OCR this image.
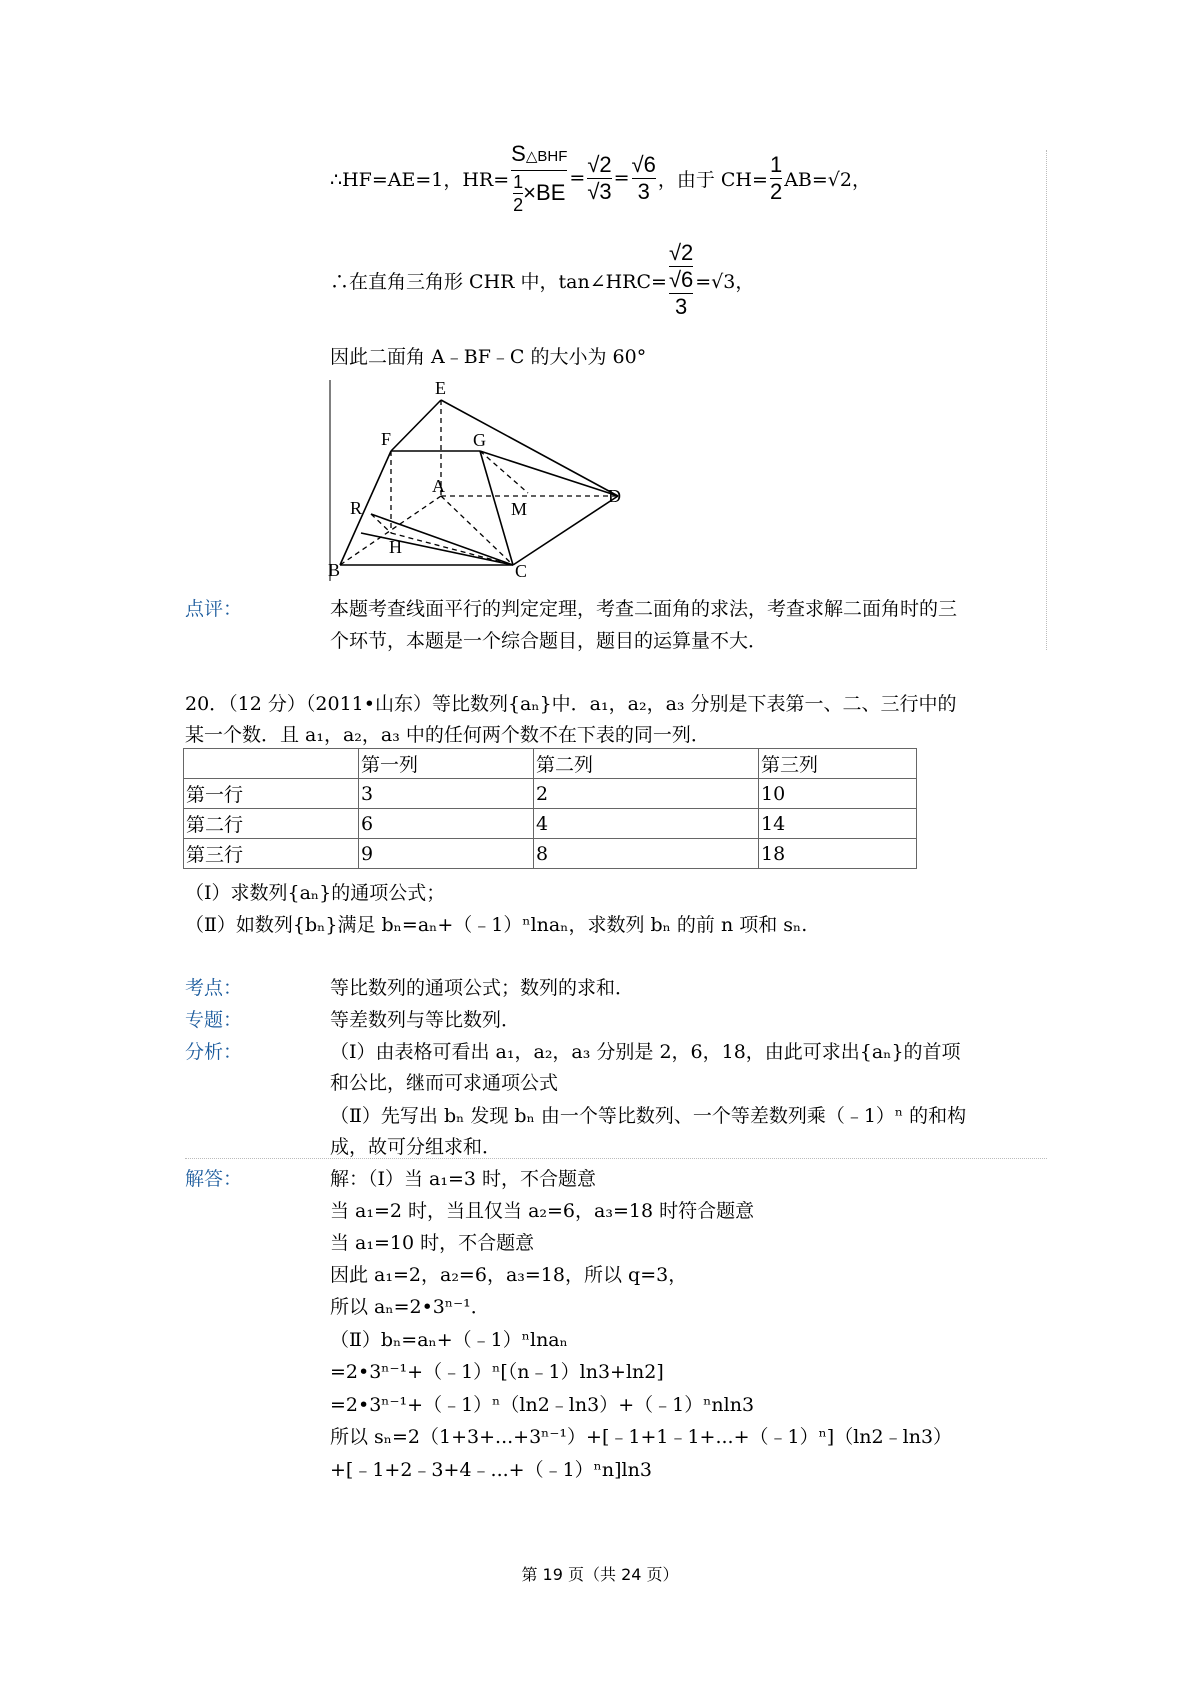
∴HF=AE=1，$HR= \frac{\text{S△BHF}}{\frac{1}{2} \times BE} = \frac{√2}{√3} = \frac{√6}{3}$ ，由于 $CH= \frac{1}{2} AB=√2$，
∴在直角三角形 CHR 中，tan∠HRC= $\frac{√2}{\frac{√6}{3}} =√3$，
因此二面角 A﹣BF﹣C 的大小为 60°
E
F	G
A	D
R	M
H
B	C
点评：	本题考查线面平行的判定定理，考查二面角的求法，考查求解二面角时的三
个环节，本题是一个综合题目，题目的运算量不大．
20．（12 分）（2011•山东）等比数列{aₙ}中．a₁，a₂，a₃ 分别是下表第一、二、三行中的
某一个数．且 a₁，a₂，a₃ 中的任何两个数不在下表的同一列．
	第一列	第二列	第三列
第一行	3	2	10
第二行	6	4	14
第三行	9	8	18
（Ⅰ）求数列{aₙ}的通项公式；
（Ⅱ）如数列{bₙ}满足 bₙ=aₙ+（﹣1）ⁿlnaₙ，求数列 bₙ 的前 n 项和 sₙ.
考点：	等比数列的通项公式；数列的求和．
专题：	等差数列与等比数列．
分析：	（Ⅰ）由表格可看出 a₁，a₂，a₃ 分别是 2，6，18，由此可求出{aₙ}的首项
和公比，继而可求通项公式
（Ⅱ）先写出 bₙ 发现 bₙ 由一个等比数列、一个等差数列乘（﹣1）ⁿ 的和构
成，故可分组求和．
解答：	解：（Ⅰ）当 a₁=3 时，不合题意
当 a₁=2 时，当且仅当 a₂=6，a₃=18 时符合题意
当 a₁=10 时，不合题意
因此 a₁=2，a₂=6，a₃=18，所以 q=3，
所以 aₙ=2•3ⁿ⁻¹．
（Ⅱ）bₙ=aₙ+（﹣1）ⁿlnaₙ
=2•3ⁿ⁻¹+（﹣1）ⁿ[（n﹣1）ln3+ln2]
=2•3ⁿ⁻¹+（﹣1）ⁿ（ln2﹣ln3）+（﹣1）ⁿnln3
所以 sₙ=2（1+3+...+3ⁿ⁻¹）+[﹣1+1﹣1+...+（﹣1）ⁿ]（ln2﹣ln3）
+[﹣1+2﹣3+4﹣...+（﹣1）ⁿn]ln3
第 19 页（共 24 页）
